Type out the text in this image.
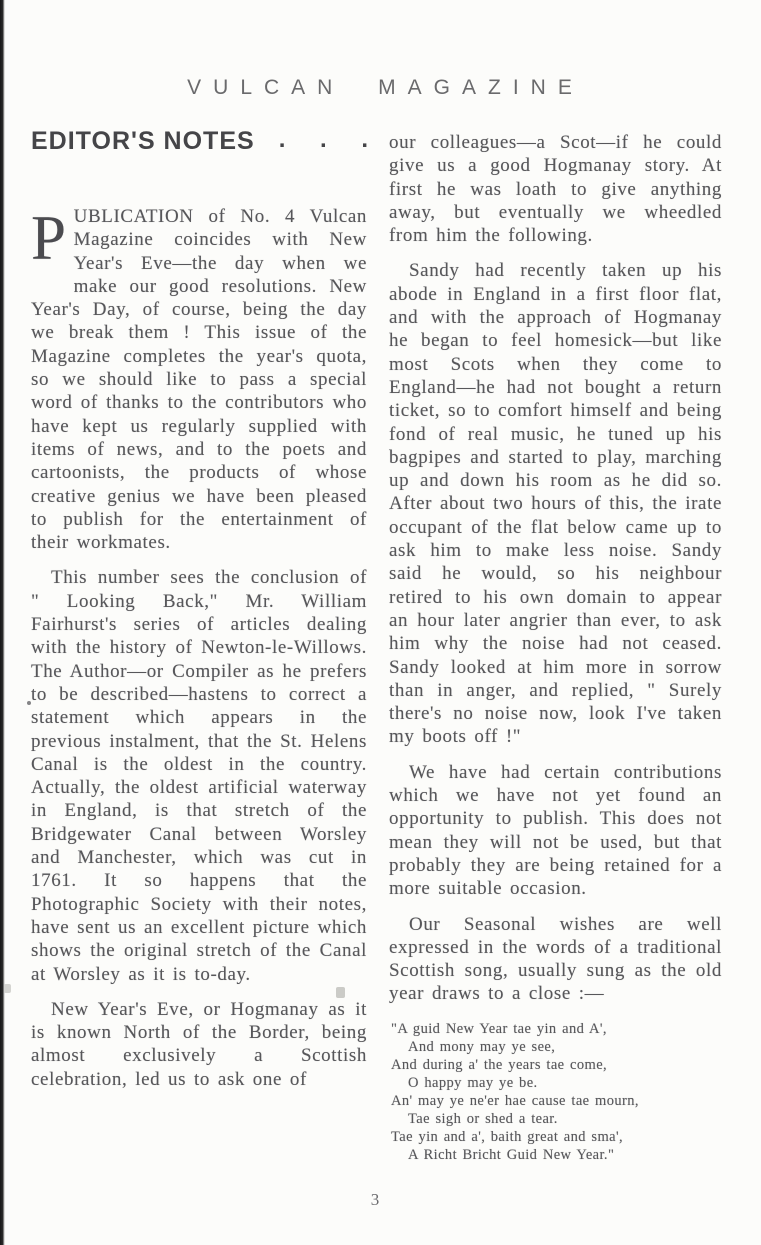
VULCAN MAGAZINE
EDITOR'S NOTES . . .

PUBLICATION of No. 4 Vulcan Magazine coincides with New Year's Eve—the day when we make our good resolutions. New Year's Day, of course, being the day we break them ! This issue of the Magazine completes the year's quota, so we should like to pass a special word of thanks to the contributors who have kept us regularly supplied with items of news, and to the poets and cartoonists, the products of whose creative genius we have been pleased to publish for the entertainment of their workmates.

This number sees the conclusion of " Looking Back," Mr. William Fairhurst's series of articles dealing with the history of Newton-le-Willows. The Author—or Compiler as he prefers to be described—hastens to correct a statement which appears in the previous instalment, that the St. Helens Canal is the oldest in the country. Actually, the oldest artificial waterway in England, is that stretch of the Bridgewater Canal between Worsley and Manchester, which was cut in 1761. It so happens that the Photographic Society with their notes, have sent us an excellent picture which shows the original stretch of the Canal at Worsley as it is to-day.

New Year's Eve, or Hogmanay as it is known North of the Border, being almost exclusively a Scottish celebration, led us to ask one of

our colleagues—a Scot—if he could give us a good Hogmanay story. At first he was loath to give anything away, but eventually we wheedled from him the following.

Sandy had recently taken up his abode in England in a first floor flat, and with the approach of Hogmanay he began to feel homesick—but like most Scots when they come to England—he had not bought a return ticket, so to comfort himself and being fond of real music, he tuned up his bagpipes and started to play, marching up and down his room as he did so. After about two hours of this, the irate occupant of the flat below came up to ask him to make less noise. Sandy said he would, so his neighbour retired to his own domain to appear an hour later angrier than ever, to ask him why the noise had not ceased. Sandy looked at him more in sorrow than in anger, and replied, " Surely there's no noise now, look I've taken my boots off !"

We have had certain contributions which we have not yet found an opportunity to publish. This does not mean they will not be used, but that probably they are being retained for a more suitable occasion.

Our Seasonal wishes are well expressed in the words of a traditional Scottish song, usually sung as the old year draws to a close :—

"A guid New Year tae yin and A',
And mony may ye see,
And during a' the years tae come,
O happy may ye be.
An' may ye ne'er hae cause tae mourn,
Tae sigh or shed a tear.
Tae yin and a', baith great and sma',
A Richt Bricht Guid New Year."
3
